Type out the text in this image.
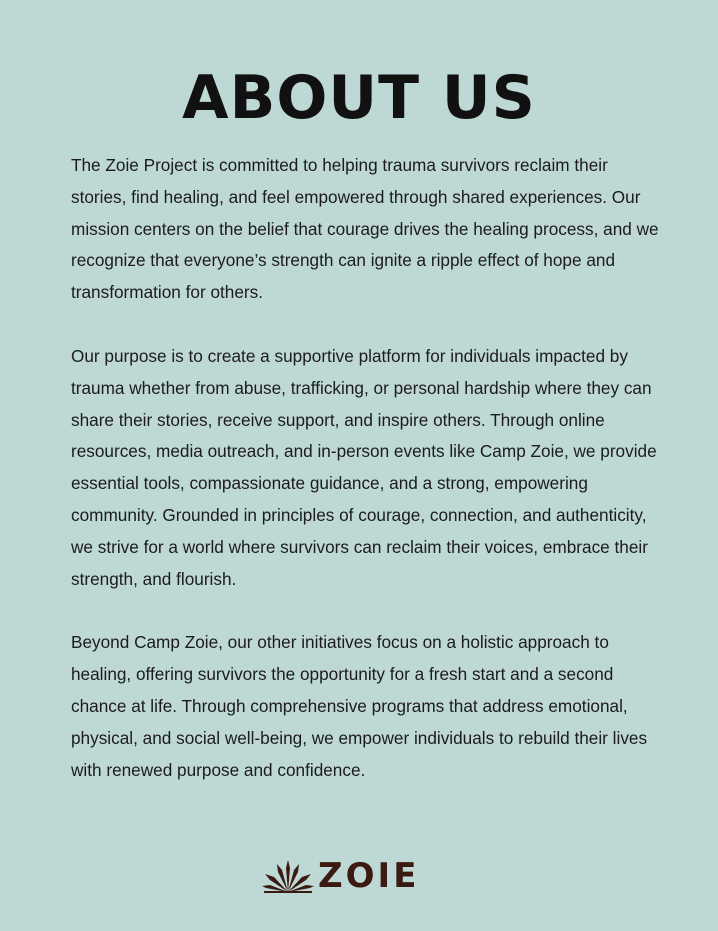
ABOUT US

The Zoie Project is committed to helping trauma survivors reclaim their stories, find healing, and feel empowered through shared experiences. Our mission centers on the belief that courage drives the healing process, and we recognize that everyone’s strength can ignite a ripple effect of hope and transformation for others.

Our purpose is to create a supportive platform for individuals impacted by trauma whether from abuse, trafficking, or personal hardship where they can share their stories, receive support, and inspire others. Through online resources, media outreach, and in-person events like Camp Zoie, we provide essential tools, compassionate guidance, and a strong, empowering community. Grounded in principles of courage, connection, and authenticity, we strive for a world where survivors can reclaim their voices, embrace their strength, and flourish.

Beyond Camp Zoie, our other initiatives focus on a holistic approach to healing, offering survivors the opportunity for a fresh start and a second chance at life. Through comprehensive programs that address emotional, physical, and social well-being, we empower individuals to rebuild their lives with renewed purpose and confidence.

ZOIE
